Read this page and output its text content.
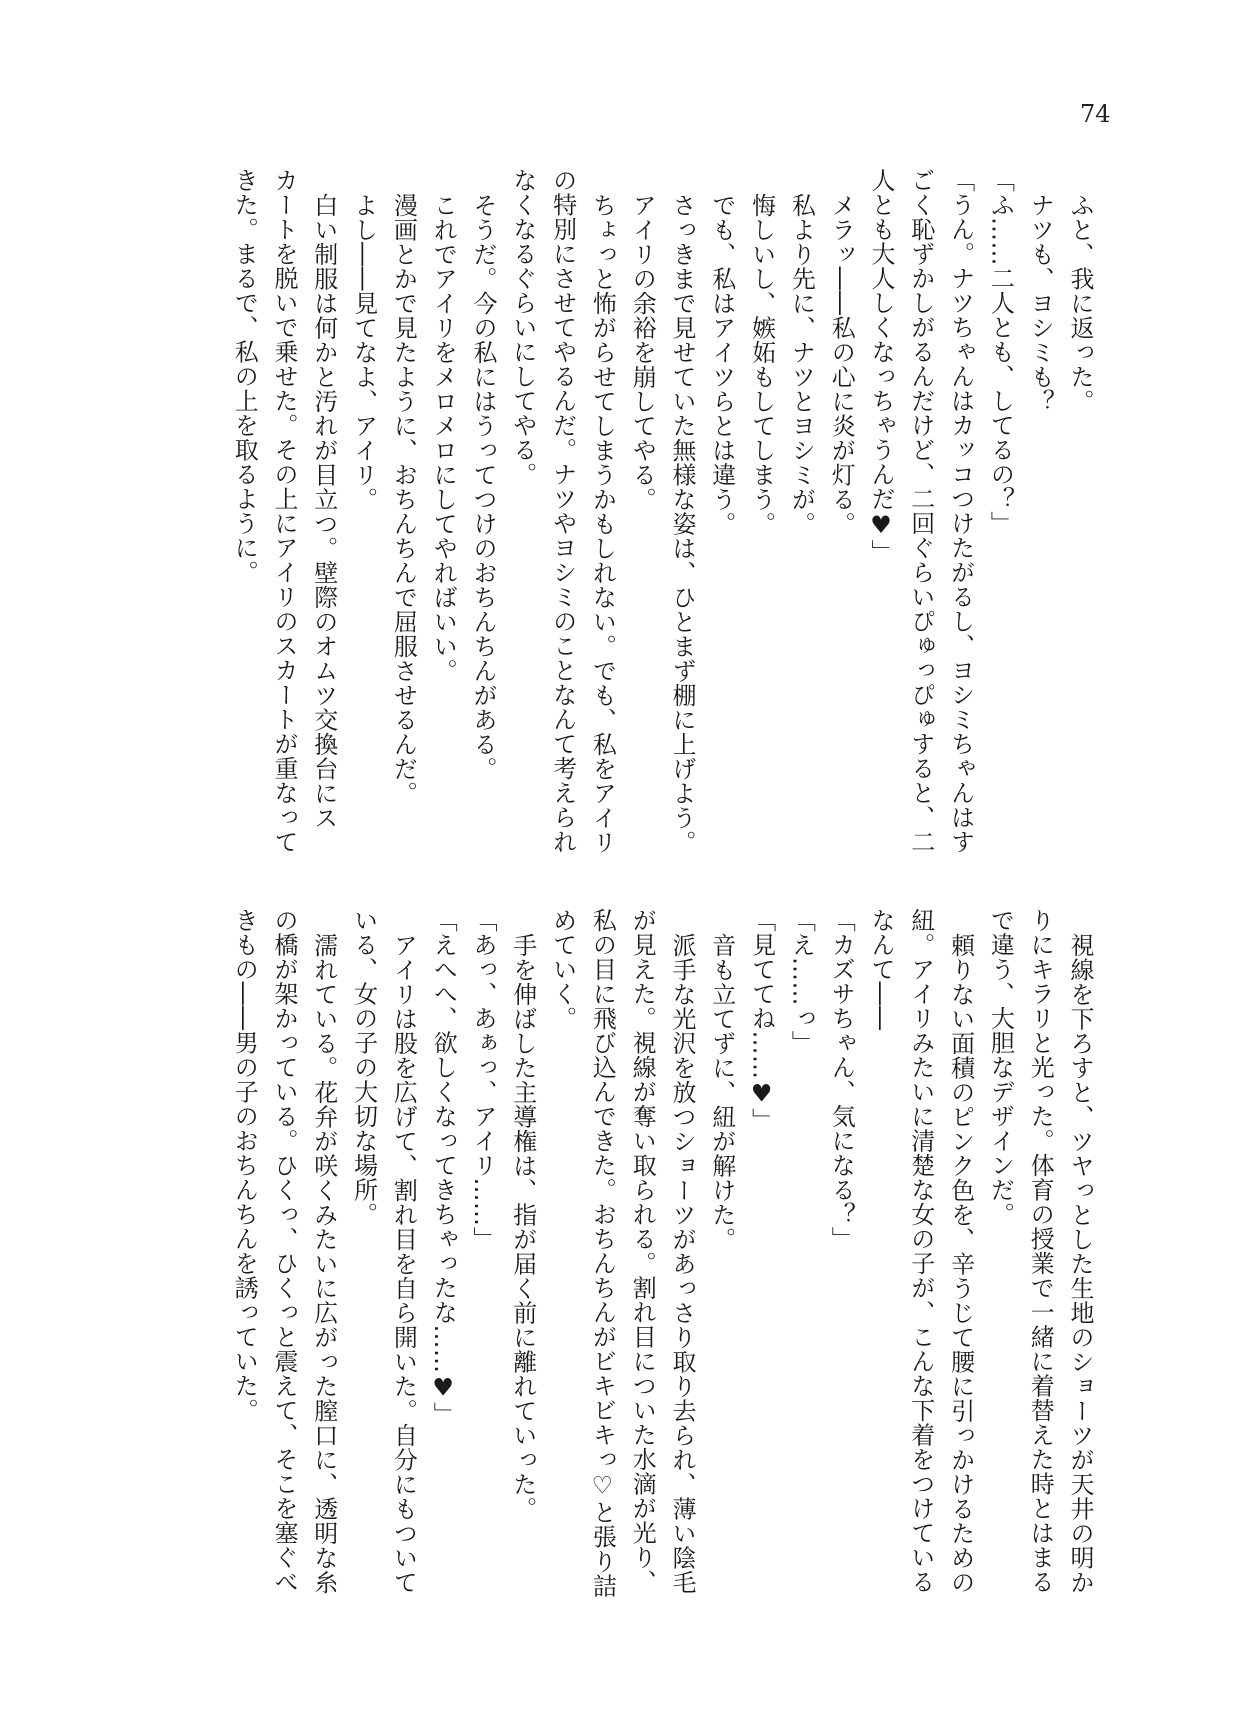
74
ふと、我に返った。
ナツも、ヨシミも？
「ふ……二人とも、してるの？」
「うん。ナツちゃんはカッコつけたがるし、ヨシミちゃんはす
ごく恥ずかしがるんだけど、二回ぐらいぴゅっぴゅすると、二
人とも大人しくなっちゃうんだ♥」
メラッ――私の心に炎が灯る。
私より先に、ナツとヨシミが。
悔しいし、嫉妬もしてしまう。
でも、私はアイツらとは違う。
さっきまで見せていた無様な姿は、ひとまず棚に上げよう。
アイリの余裕を崩してやる。
ちょっと怖がらせてしまうかもしれない。でも、私をアイリ
の特別にさせてやるんだ。ナツやヨシミのことなんて考えられ
なくなるぐらいにしてやる。
そうだ。今の私にはうってつけのおちんちんがある。
これでアイリをメロメロにしてやればいい。
漫画とかで見たように、おちんちんで屈服させるんだ。
よし――見てなよ、アイリ。
白い制服は何かと汚れが目立つ。壁際のオムツ交換台にス
カートを脱いで乗せた。その上にアイリのスカートが重なって
きた。まるで、私の上を取るように。
視線を下ろすと、ツヤっとした生地のショーツが天井の明か
りにキラリと光った。体育の授業で一緒に着替えた時とはまる
で違う、大胆なデザインだ。
頼りない面積のピンク色を、辛うじて腰に引っかけるための
紐。アイリみたいに清楚な女の子が、こんな下着をつけている
なんて――
「カズサちゃん、気になる？」
「え……っ」
「見ててね……♥」
音も立てずに、紐が解けた。
派手な光沢を放つショーツがあっさり取り去られ、薄い陰毛
が見えた。視線が奪い取られる。割れ目についた水滴が光り、
私の目に飛び込んできた。おちんちんがビキビキっ♡と張り詰
めていく。
手を伸ばした主導権は、指が届く前に離れていった。
「あっ、あぁっ、アイリ……」
「えへへ、欲しくなってきちゃったな……♥」
アイリは股を広げて、割れ目を自ら開いた。自分にもついて
いる、女の子の大切な場所。
濡れている。花弁が咲くみたいに広がった膣口に、透明な糸
の橋が架かっている。ひくっ、ひくっと震えて、そこを塞ぐべ
きもの――男の子のおちんちんを誘っていた。
